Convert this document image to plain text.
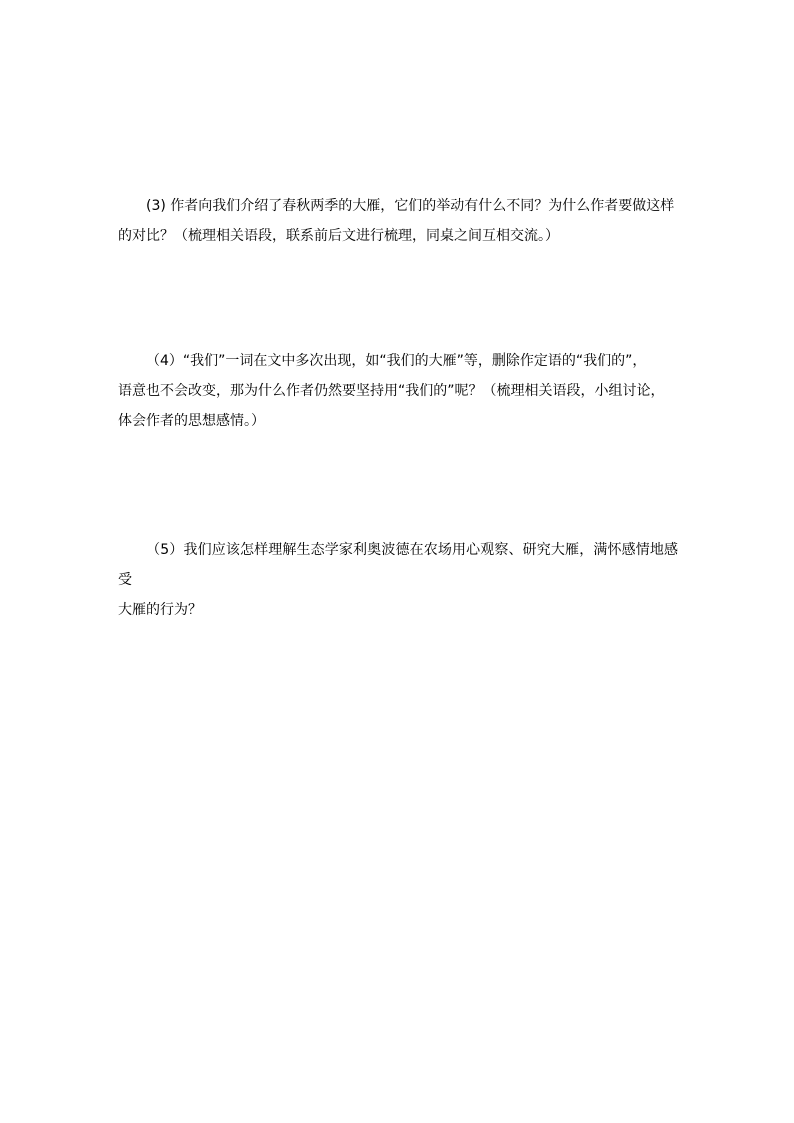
(3) 作者向我们介绍了春秋两季的大雁，它们的举动有什么不同？为什么作者要做这样
的对比？（梳理相关语段，联系前后文进行梳理，同桌之间互相交流。）

（4）“我们”一词在文中多次出现，如“我们的大雁”等，删除作定语的“我们的”，
语意也不会改变，那为什么作者仍然要坚持用“我们的”呢？（梳理相关语段，小组讨论，
体会作者的思想感情。）

（5）我们应该怎样理解生态学家利奥波德在农场用心观察、研究大雁，满怀感情地感受
大雁的行为？
